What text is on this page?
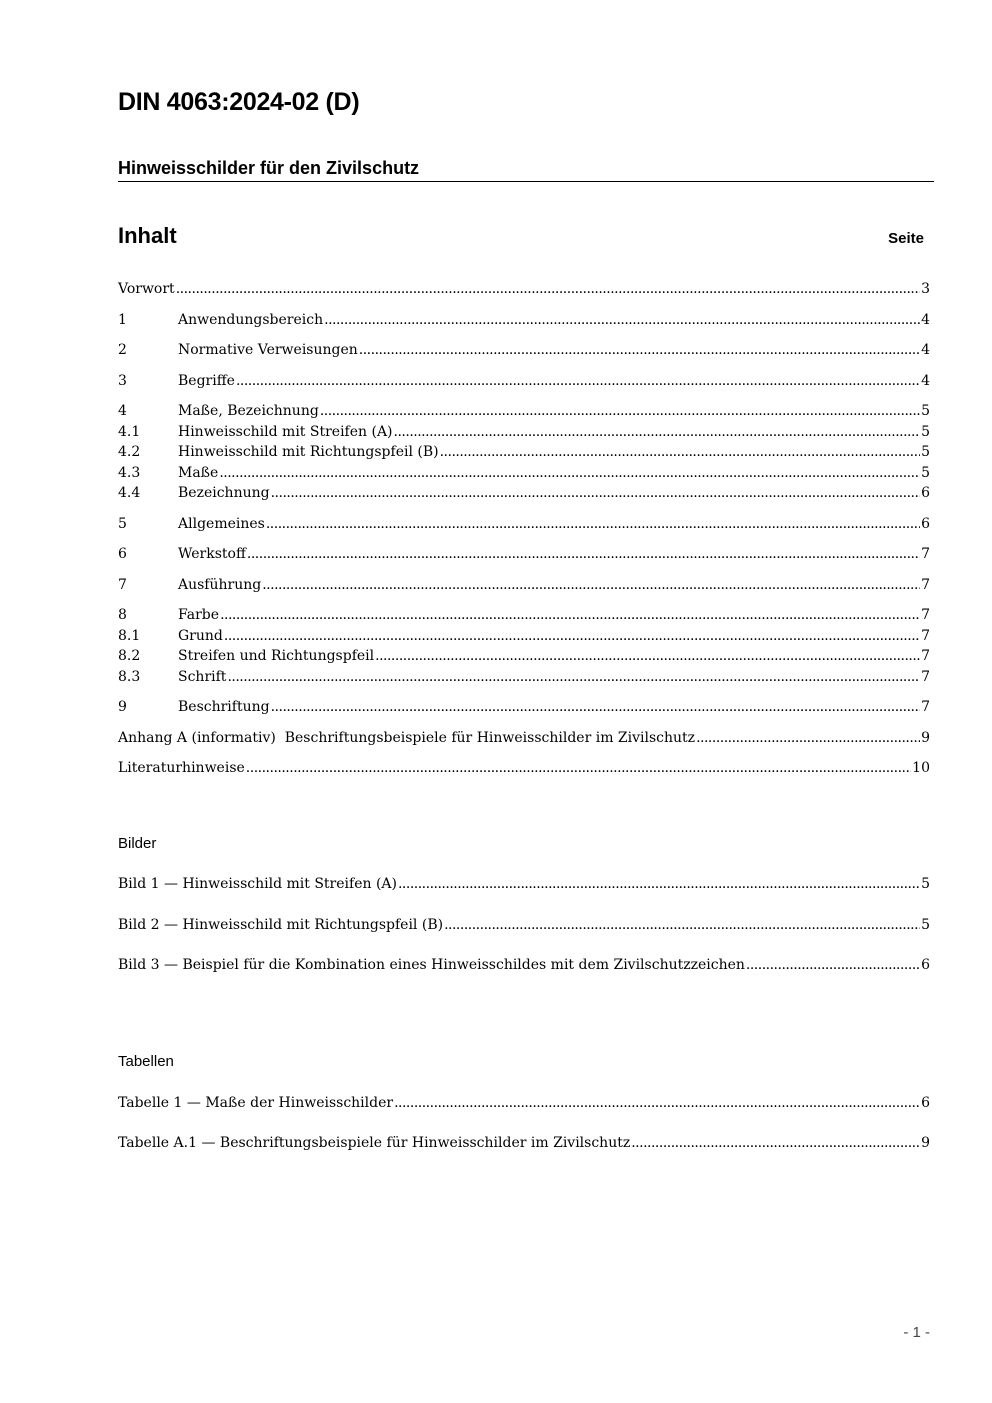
DIN 4063:2024-02 (D)
Hinweisschilder für den Zivilschutz
Inhalt	Seite
Vorwort .....	3
1	Anwendungsbereich .....	4
2	Normative Verweisungen .....	4
3	Begriffe .....	4
4	Maße, Bezeichnung .....	5
4.1	Hinweisschild mit Streifen (A) .....	5
4.2	Hinweisschild mit Richtungspfeil (B) .....	5
4.3	Maße .....	5
4.4	Bezeichnung .....	6
5	Allgemeines .....	6
6	Werkstoff .....	7
7	Ausführung .....	7
8	Farbe .....	7
8.1	Grund .....	7
8.2	Streifen und Richtungspfeil .....	7
8.3	Schrift .....	7
9	Beschriftung .....	7
Anhang A (informativ)  Beschriftungsbeispiele für Hinweisschilder im Zivilschutz .....	9
Literaturhinweise .....	10
Bilder
Bild 1 — Hinweisschild mit Streifen (A) .....	5
Bild 2 — Hinweisschild mit Richtungspfeil (B) .....	5
Bild 3 — Beispiel für die Kombination eines Hinweisschildes mit dem Zivilschutzzeichen .....	6
Tabellen
Tabelle 1 — Maße der Hinweisschilder .....	6
Tabelle A.1 — Beschriftungsbeispiele für Hinweisschilder im Zivilschutz .....	9
- 1 -
